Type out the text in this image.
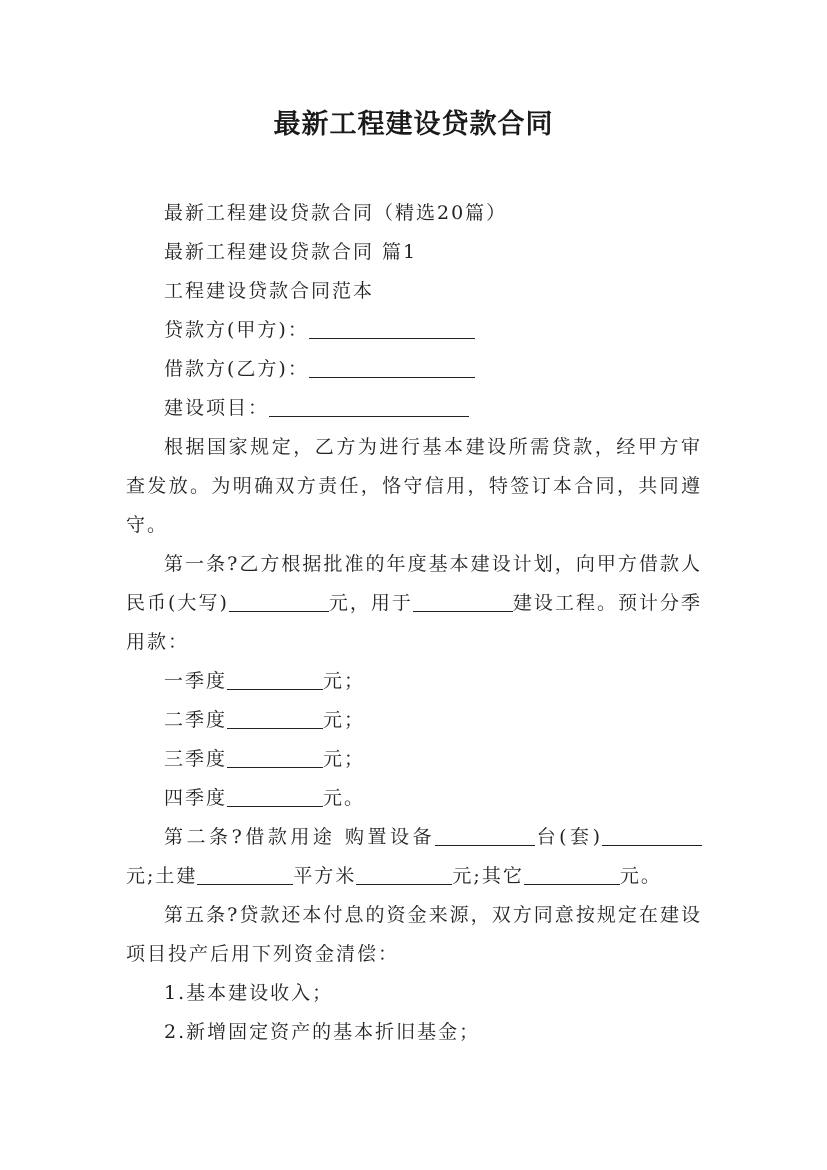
最新工程建设贷款合同

最新工程建设贷款合同（精选20篇）

最新工程建设贷款合同 篇1

工程建设贷款合同范本

贷款方(甲方)：

借款方(乙方)：

建设项目：

根据国家规定，乙方为进行基本建设所需贷款，经甲方审查发放。为明确双方责任，恪守信用，特签订本合同，共同遵守。

第一条?乙方根据批准的年度基本建设计划，向甲方借款人民币(大写)	元，用于	建设工程。预计分季用款：

一季度	元；

二季度	元；

三季度	元；

四季度	元。

第二条?借款用途 购置设备	台(套)元;土建	平方米	元;其它	元。

第五条?贷款还本付息的资金来源，双方同意按规定在建设项目投产后用下列资金清偿：

1.基本建设收入；

2.新增固定资产的基本折旧基金；
